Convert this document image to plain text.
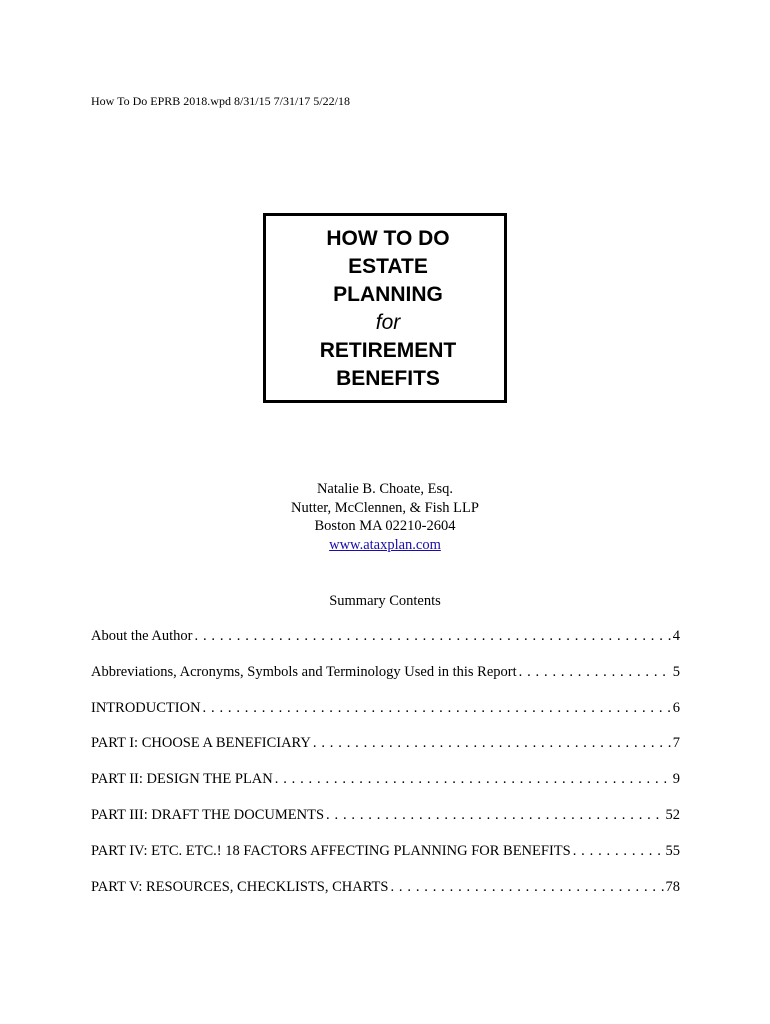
How To Do EPRB 2018.wpd 8/31/15 7/31/17 5/22/18
HOW TO DO
ESTATE
PLANNING
for
RETIREMENT
BENEFITS
Natalie B. Choate, Esq.
Nutter, McClennen, & Fish LLP
Boston MA 02210-2604
www.ataxplan.com
Summary Contents
About the Author . . .	4
Abbreviations, Acronyms, Symbols and Terminology Used in this Report . . .	5
INTRODUCTION . . .	6
PART I: CHOOSE A BENEFICIARY . . .	7
PART II: DESIGN THE PLAN . . .	9
PART III: DRAFT THE DOCUMENTS . . .	52
PART IV: ETC. ETC.! 18 FACTORS AFFECTING PLANNING FOR BENEFITS . . .	55
PART V: RESOURCES, CHECKLISTS, CHARTS . . .	78
